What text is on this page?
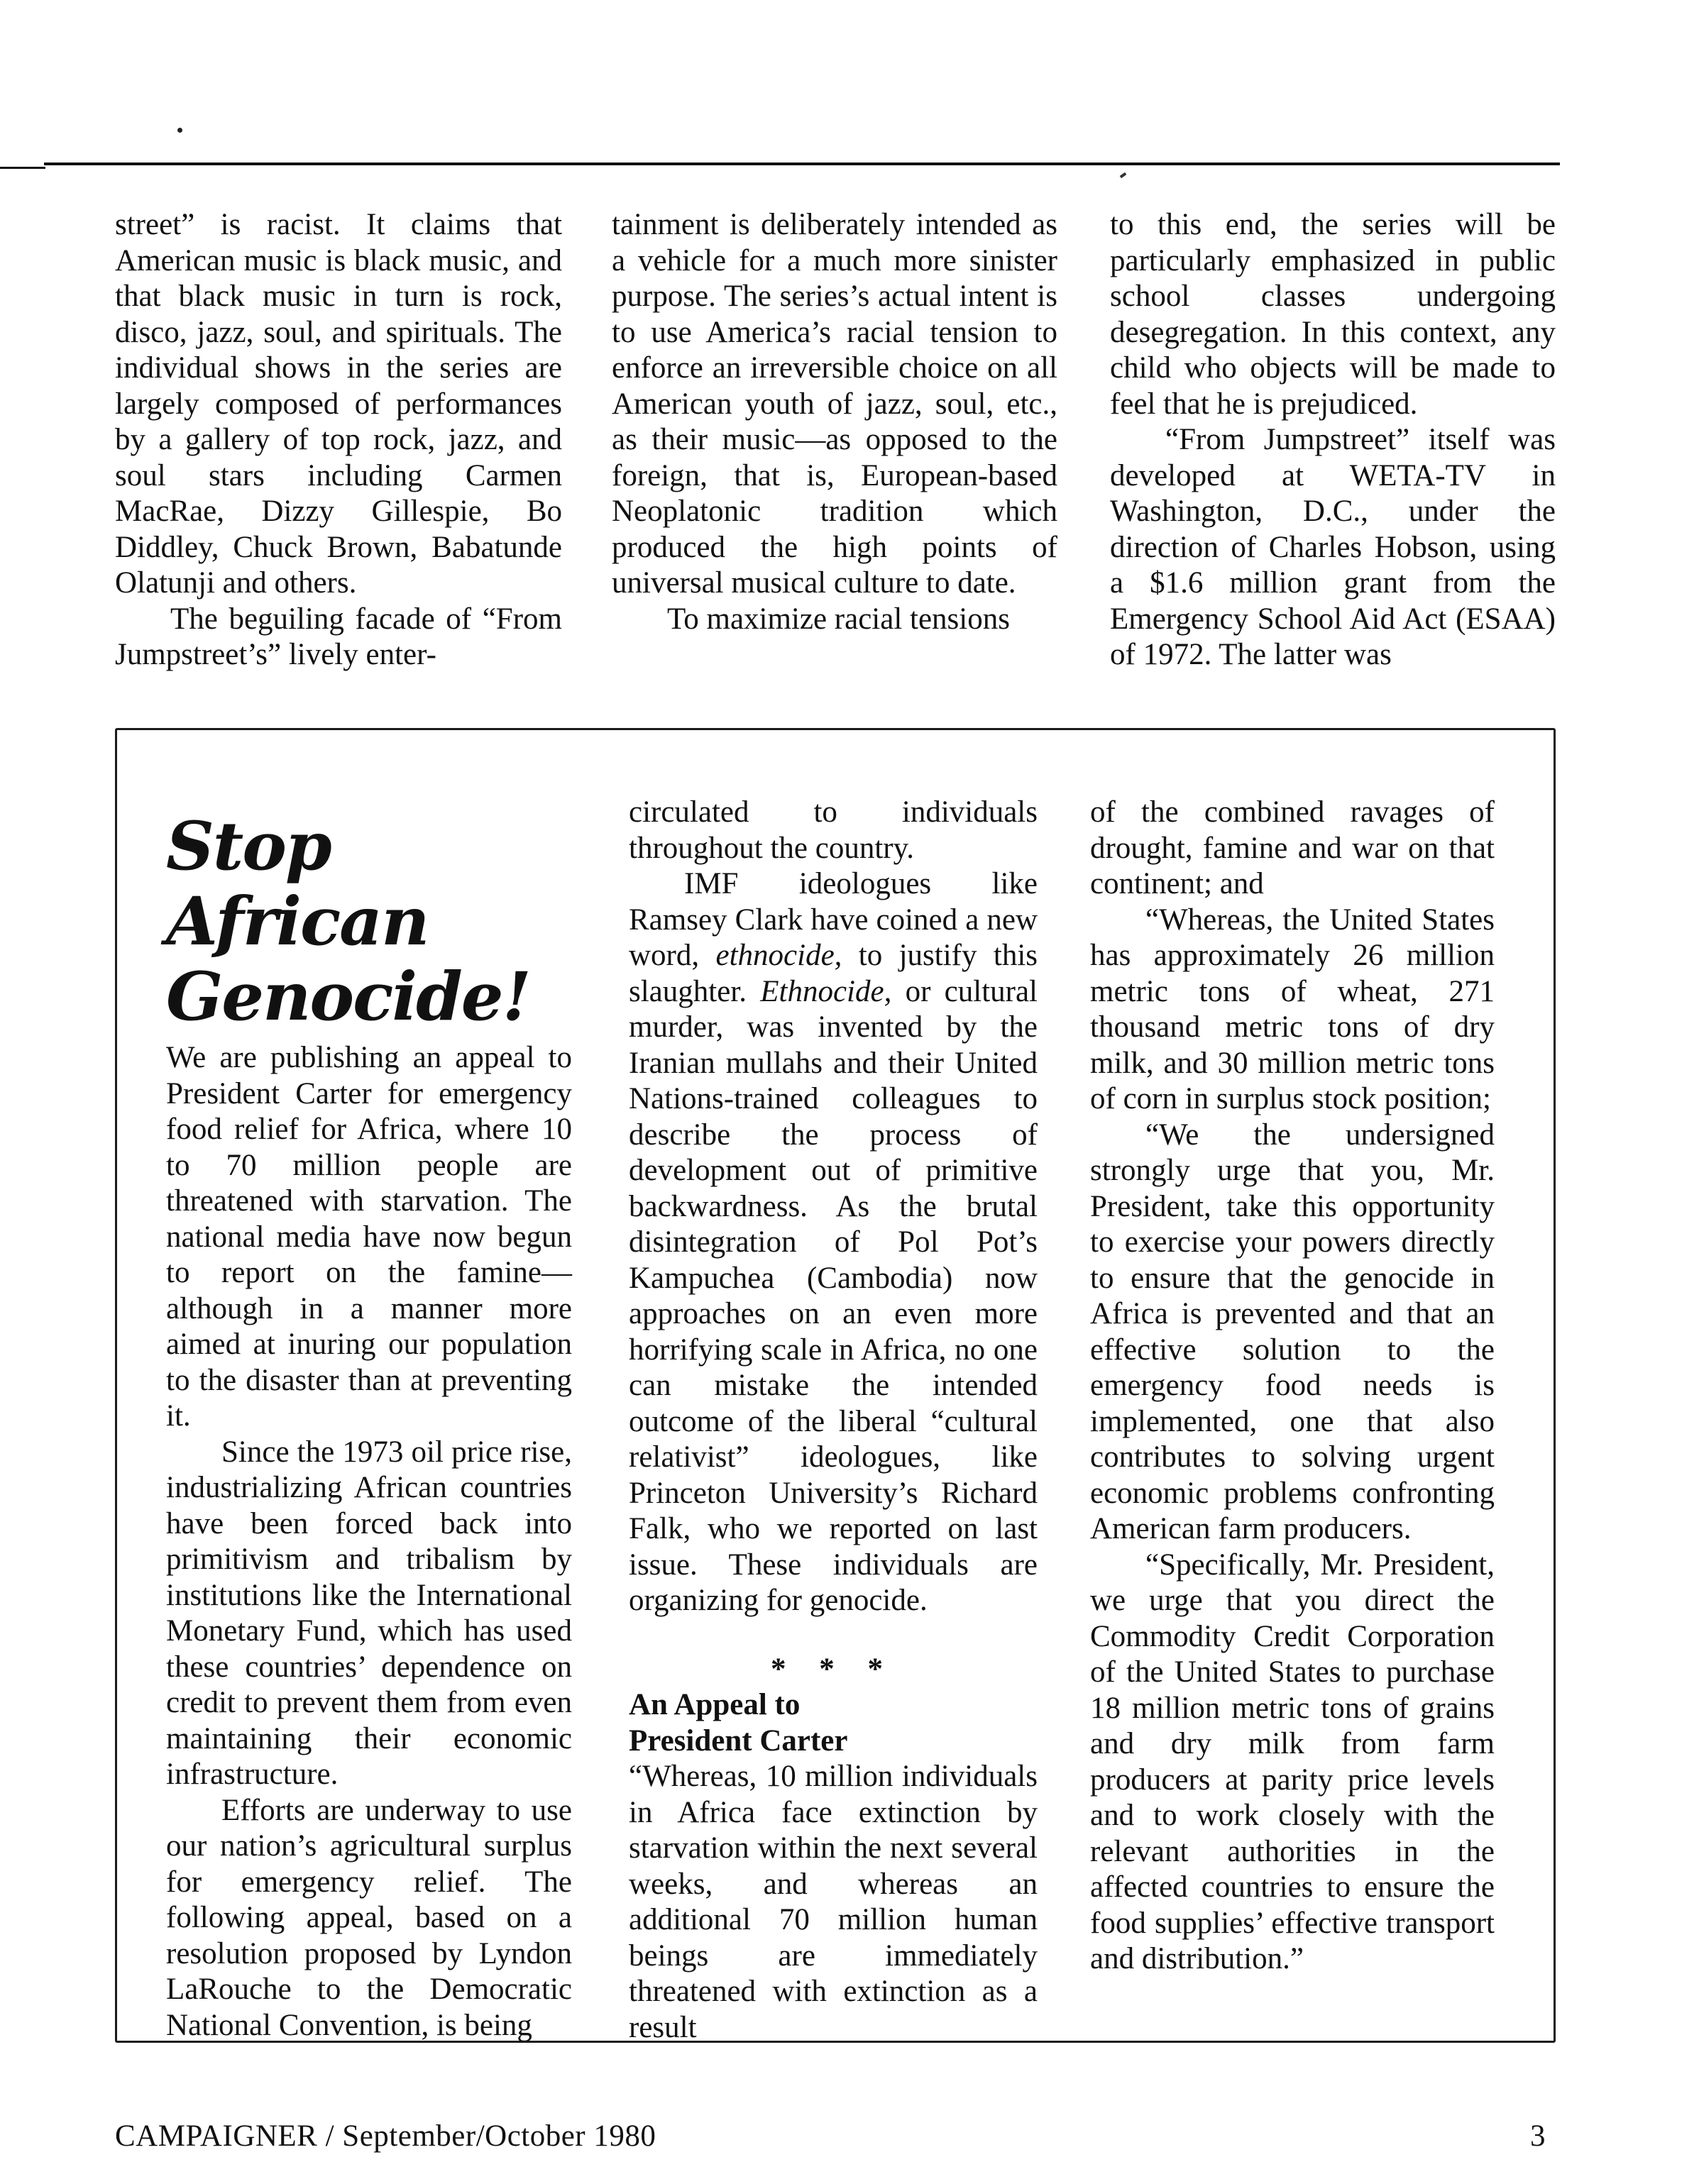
street” is racist. It claims that American music is black music, and that black music in turn is rock, disco, jazz, soul, and spirituals. The individual shows in the series are largely composed of performances by a gallery of top rock, jazz, and soul stars including Carmen MacRae, Dizzy Gillespie, Bo Diddley, Chuck Brown, Babatunde Olatunji and others.

The beguiling facade of “From Jumpstreet’s” lively enter-

tainment is deliberately intended as a vehicle for a much more sinister purpose. The series’s actual intent is to use America’s racial tension to enforce an irreversible choice on all American youth of jazz, soul, etc., as their music—as opposed to the foreign, that is, European-based Neoplatonic tradition which produced the high points of universal musical culture to date.

To maximize racial tensions

to this end, the series will be particularly emphasized in public school classes undergoing desegregation. In this context, any child who objects will be made to feel that he is prejudiced.

“From Jumpstreet” itself was developed at WETA-TV in Washington, D.C., under the direction of Charles Hobson, using a $1.6 million grant from the Emergency School Aid Act (ESAA) of 1972. The latter was

Stop
African
Genocide!

We are publishing an appeal to President Carter for emergency food relief for Africa, where 10 to 70 million people are threatened with starvation. The national media have now begun to report on the famine—although in a manner more aimed at inuring our population to the disaster than at preventing it.

Since the 1973 oil price rise, industrializing African countries have been forced back into primitivism and tribalism by institutions like the International Monetary Fund, which has used these countries’ dependence on credit to prevent them from even maintaining their economic infrastructure.

Efforts are underway to use our nation’s agricultural surplus for emergency relief. The following appeal, based on a resolution proposed by Lyndon LaRouche to the Democratic National Convention, is being

circulated to individuals throughout the country.

IMF ideologues like Ramsey Clark have coined a new word, ethnocide, to justify this slaughter. Ethnocide, or cultural murder, was invented by the Iranian mullahs and their United Nations-trained colleagues to describe the process of development out of primitive backwardness. As the brutal disintegration of Pol Pot’s Kampuchea (Cambodia) now approaches on an even more horrifying scale in Africa, no one can mistake the intended outcome of the liberal “cultural relativist” ideologues, like Princeton University’s Richard Falk, who we reported on last issue. These individuals are organizing for genocide.

* * *

An Appeal to

President Carter

“Whereas, 10 million individuals in Africa face extinction by starvation within the next several weeks, and whereas an additional 70 million human beings are immediately threatened with extinction as a result

of the combined ravages of drought, famine and war on that continent; and

“Whereas, the United States has approximately 26 million metric tons of wheat, 271 thousand metric tons of dry milk, and 30 million metric tons of corn in surplus stock position;

“We the undersigned strongly urge that you, Mr. President, take this opportunity to exercise your powers directly to ensure that the genocide in Africa is prevented and that an effective solution to the emergency food needs is implemented, one that also contributes to solving urgent economic problems confronting American farm producers.

“Specifically, Mr. President, we urge that you direct the Commodity Credit Corporation of the United States to purchase 18 million metric tons of grains and dry milk from farm producers at parity price levels and to work closely with the relevant authorities in the affected countries to ensure the food supplies’ effective transport and distribution.”

CAMPAIGNER / September/October 1980	3
